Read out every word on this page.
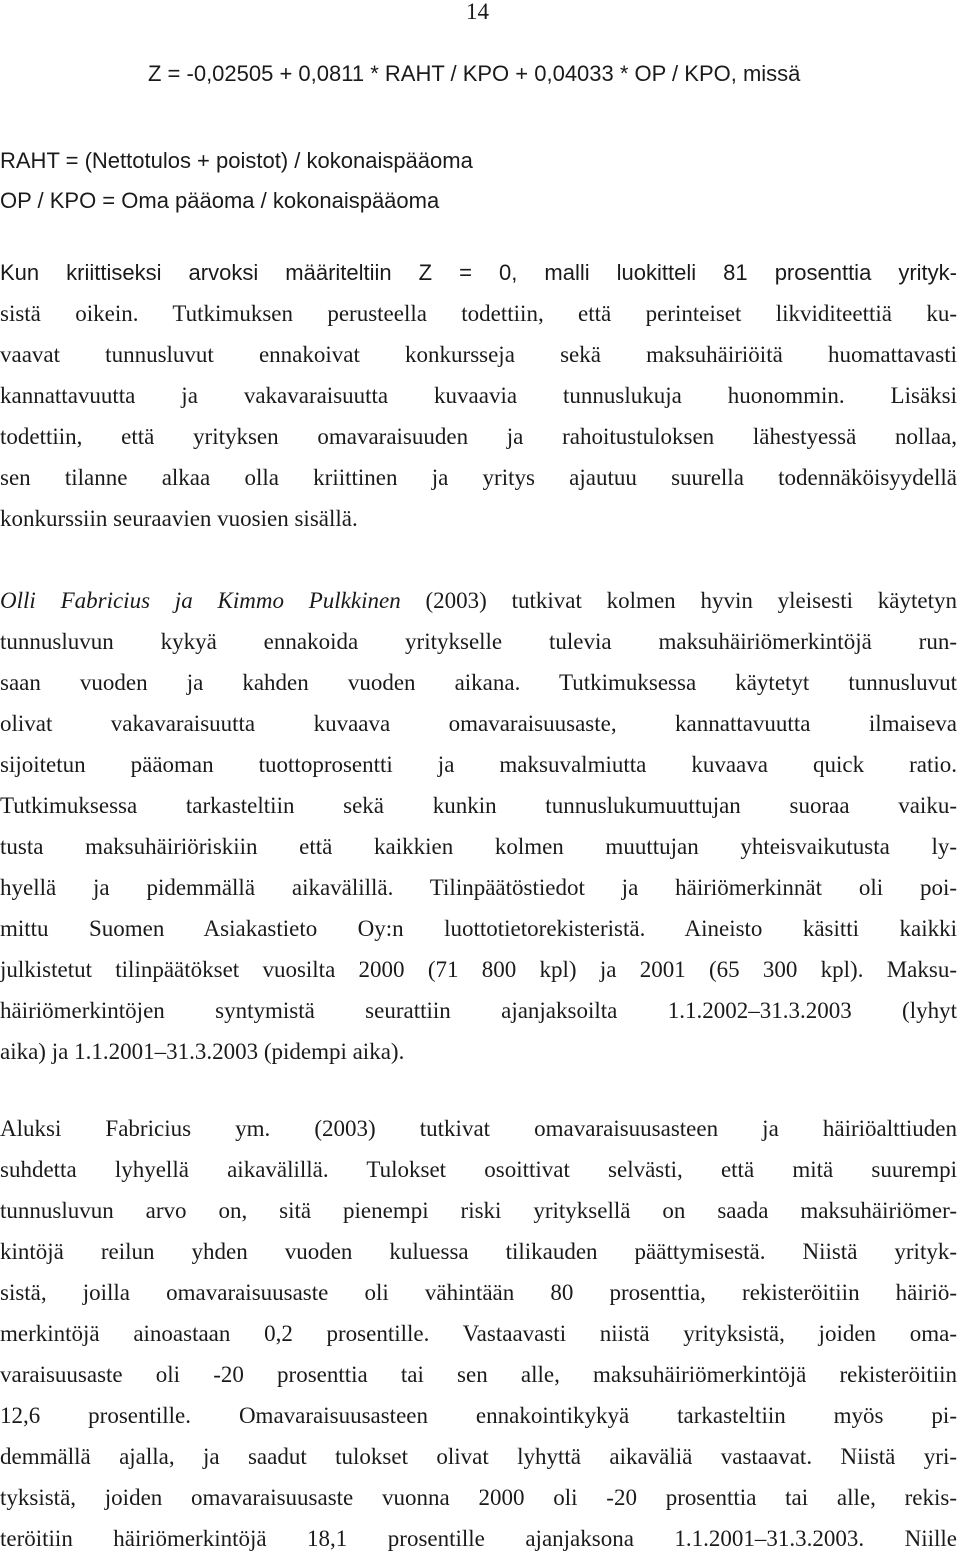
14
Z = -0,02505 + 0,0811 * RAHT / KPO + 0,04033 * OP / KPO, missä
RAHT = (Nettotulos + poistot) / kokonaispääoma
OP / KPO = Oma pääoma / kokonaispääoma
Kun kriittiseksi arvoksi määriteltiin Z = 0, malli luokitteli 81 prosenttia yrityk-
sistä oikein. Tutkimuksen perusteella todettiin, että perinteiset likviditeettiä ku-
vaavat tunnusluvut ennakoivat konkursseja sekä maksuhäiriöitä huomattavasti
kannattavuutta ja vakavaraisuutta kuvaavia tunnuslukuja huonommin. Lisäksi
todettiin, että yrityksen omavaraisuuden ja rahoitustuloksen lähestyessä nollaa,
sen tilanne alkaa olla kriittinen ja yritys ajautuu suurella todennäköisyydellä
konkurssiin seuraavien vuosien sisällä.
Olli Fabricius ja Kimmo Pulkkinen (2003) tutkivat kolmen hyvin yleisesti käytetyn
tunnusluvun kykyä ennakoida yritykselle tulevia maksuhäiriömerkintöjä run-
saan vuoden ja kahden vuoden aikana. Tutkimuksessa käytetyt tunnusluvut
olivat vakavaraisuutta kuvaava omavaraisuusaste, kannattavuutta ilmaiseva
sijoitetun pääoman tuottoprosentti ja maksuvalmiutta kuvaava quick ratio.
Tutkimuksessa tarkasteltiin sekä kunkin tunnuslukumuuttujan suoraa vaiku-
tusta maksuhäiriöriskiin että kaikkien kolmen muuttujan yhteisvaikutusta ly-
hyellä ja pidemmällä aikavälillä. Tilinpäätöstiedot ja häiriömerkinnät oli poi-
mittu Suomen Asiakastieto Oy:n luottotietorekisteristä. Aineisto käsitti kaikki
julkistetut tilinpäätökset vuosilta 2000 (71 800 kpl) ja 2001 (65 300 kpl). Maksu-
häiriömerkintöjen syntymistä seurattiin ajanjaksoilta 1.1.2002–31.3.2003 (lyhyt
aika) ja 1.1.2001–31.3.2003 (pidempi aika).
Aluksi Fabricius ym. (2003) tutkivat omavaraisuusasteen ja häiriöalttiuden
suhdetta lyhyellä aikavälillä. Tulokset osoittivat selvästi, että mitä suurempi
tunnusluvun arvo on, sitä pienempi riski yrityksellä on saada maksuhäiriömer-
kintöjä reilun yhden vuoden kuluessa tilikauden päättymisestä. Niistä yrityk-
sistä, joilla omavaraisuusaste oli vähintään 80 prosenttia, rekisteröitiin häiriö-
merkintöjä ainoastaan 0,2 prosentille. Vastaavasti niistä yrityksistä, joiden oma-
varaisuusaste oli -20 prosenttia tai sen alle, maksuhäiriömerkintöjä rekisteröitiin
12,6 prosentille. Omavaraisuusasteen ennakointikykyä tarkasteltiin myös pi-
demmällä ajalla, ja saadut tulokset olivat lyhyttä aikaväliä vastaavat. Niistä yri-
tyksistä, joiden omavaraisuusaste vuonna 2000 oli -20 prosenttia tai alle, rekis-
teröitiin häiriömerkintöjä 18,1 prosentille ajanjaksona 1.1.2001–31.3.2003. Niille
